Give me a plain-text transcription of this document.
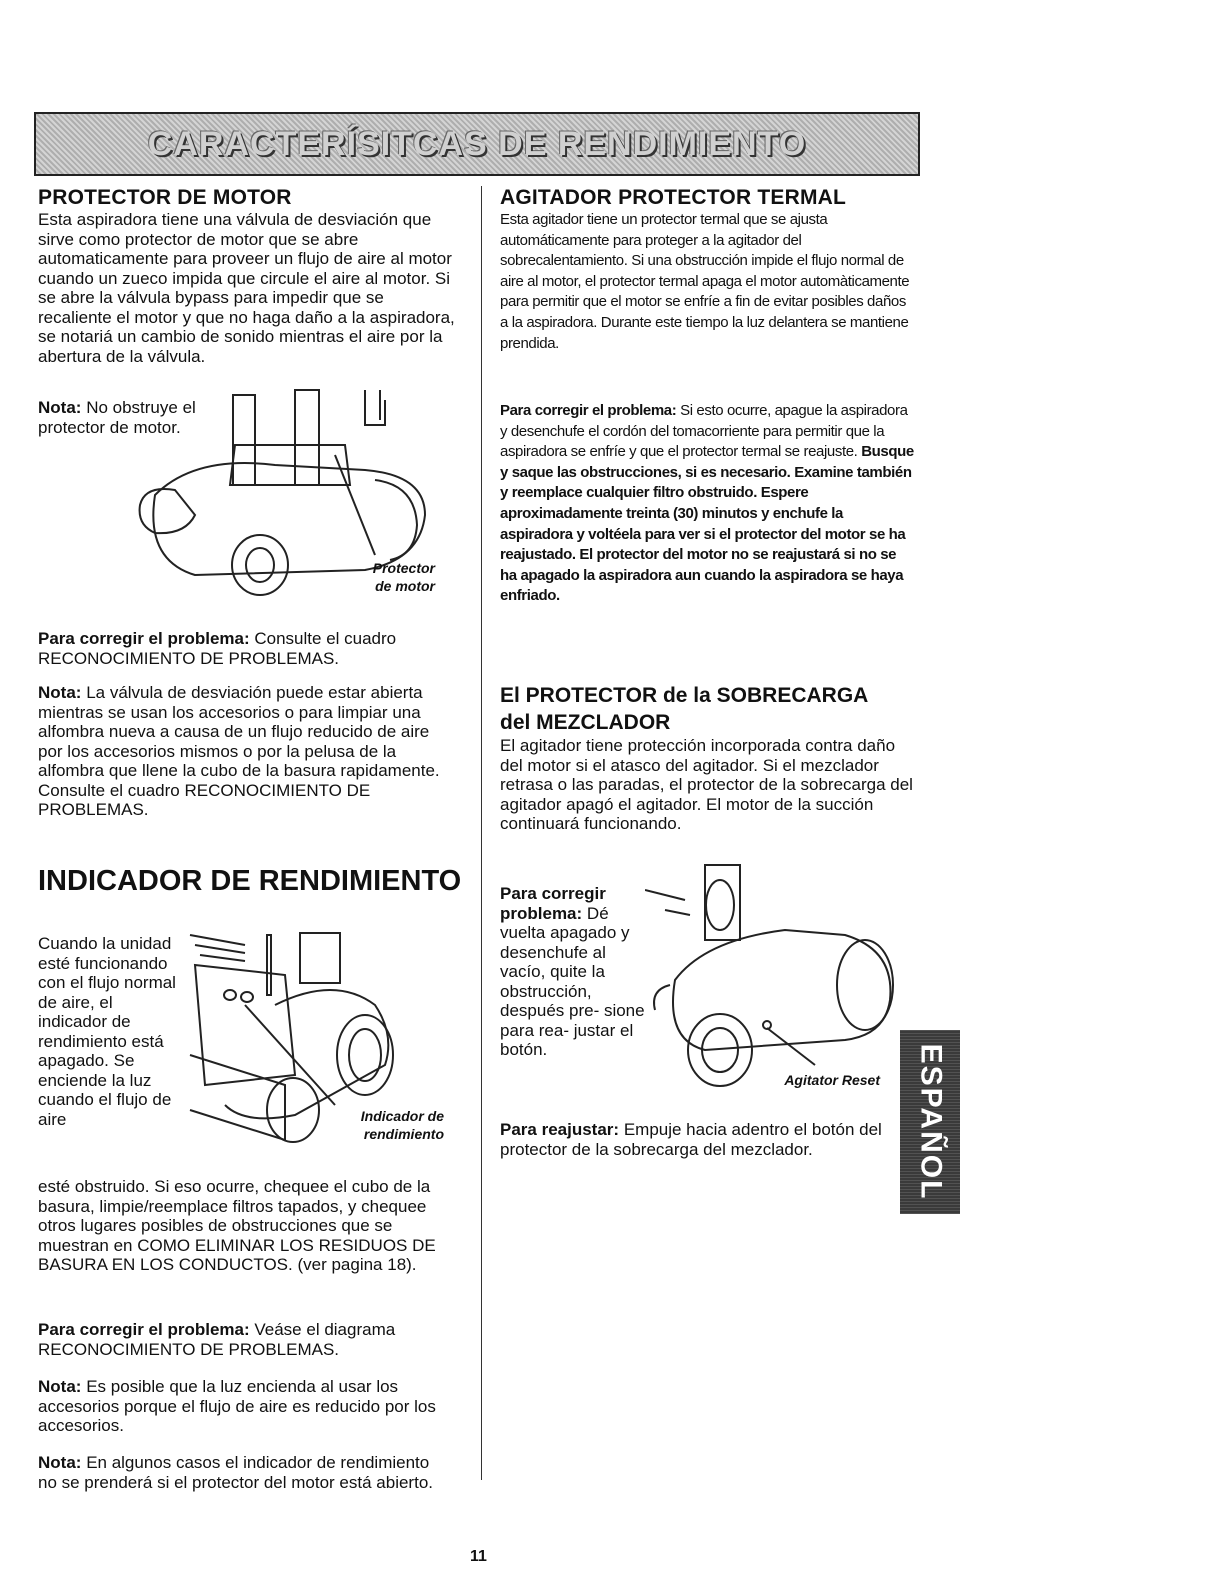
CARACTERÍSITCAS DE RENDIMIENTO
PROTECTOR DE MOTOR

Esta aspiradora tiene una válvula de desviación que sirve como protector de motor que se abre automaticamente para proveer un flujo de aire al motor cuando un zueco impida que circule el aire al motor. Si se abre la válvula bypass para impedir que se recaliente el motor y que no haga daño a la aspiradora, se notariá un cambio de sonido mientras el aire por la abertura de la válvula.

Nota: No obstruye el protector de motor.

Protector
de motor

Para corregir el problema: Consulte el cuadro RECONOCIMIENTO DE PROBLEMAS.

Nota: La válvula de desviación puede estar abierta mientras se usan los accesorios o para limpiar una alfombra nueva a causa de un flujo reducido de aire por los accesorios mismos o por la pelusa de la alfombra que llene la cubo de la basura rapidamente. Consulte el cuadro RECONOCIMIENTO DE PROBLEMAS.

INDICADOR DE RENDIMIENTO

Cuando la unidad esté funcionando con el flujo normal de aire, el indicador de rendimiento está apagado. Se enciende la luz cuando el flujo de aire	Indicador de
rendimiento

esté obstruido. Si eso ocurre, chequee el cubo de la basura, limpie/reemplace filtros tapados, y chequee otros lugares posibles de obstrucciones que se muestran en COMO ELIMINAR LOS RESIDUOS DE BASURA EN LOS CONDUCTOS. (ver pagina 18).

Para corregir el problema: Veáse el diagrama RECONOCIMIENTO DE PROBLEMAS.

Nota: Es posible que la luz encienda al usar los accesorios porque el flujo de aire es reducido por los accesorios.

Nota: En algunos casos el indicador de rendimiento no se prenderá si el protector del motor está abierto.

AGITADOR PROTECTOR TERMAL

Esta agitador tiene un protector termal que se ajusta automáticamente para proteger a la agitador del sobrecalentamiento. Si una obstrucción impide el flujo normal de aire al motor, el protector termal apaga el motor automàticamente para permitir que el motor se enfríe a fin de evitar posibles daños a la aspiradora. Durante este tiempo la luz delantera se mantiene prendida.

Para corregir el problema: Si esto ocurre, apague la aspiradora y desenchufe el cordón del tomacorriente para permitir que la aspiradora se enfríe y que el protector termal se reajuste. Busque y saque las obstrucciones, si es necesario. Examine también y reemplace cualquier filtro obstruido. Espere aproximadamente treinta (30) minutos y enchufe la aspiradora y voltéela para ver si el protector del motor se ha reajustado. El protector del motor no se reajustará si no se ha apagado la aspiradora aun cuando la aspiradora se haya enfriado.

El PROTECTOR de la SOBRECARGA
del MEZCLADOR

El agitador tiene protección incorporada contra daño del motor si el atasco del agitador. Si el mezclador retrasa o las paradas, el protector de la sobrecarga del agitador apagó el agitador. El motor de la succión continuará funcionando.

Para corregir problema: Dé vuelta apagado y desenchufe al vacío, quite la obstrucción, después pre- sione para rea- justar el botón.

Agitator Reset

Para reajustar: Empuje hacia adentro el botón del protector de la sobrecarga del mezclador.	ESPAÑOL
11
